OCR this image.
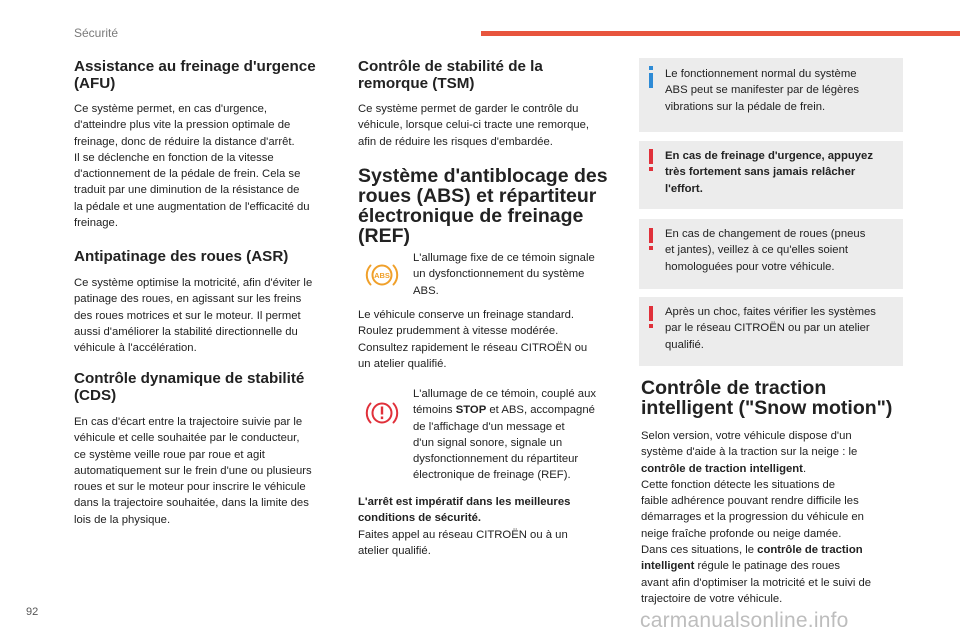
Sécurité
Assistance au freinage d'urgence
(AFU)

Ce système permet, en cas d'urgence,
d'atteindre plus vite la pression optimale de
freinage, donc de réduire la distance d'arrêt.
Il se déclenche en fonction de la vitesse
d'actionnement de la pédale de frein. Cela se
traduit par une diminution de la résistance de
la pédale et une augmentation de l'efficacité du
freinage.

Antipatinage des roues (ASR)

Ce système optimise la motricité, afin d'éviter le
patinage des roues, en agissant sur les freins
des roues motrices et sur le moteur. Il permet
aussi d'améliorer la stabilité directionnelle du
véhicule à l'accélération.

Contrôle dynamique de stabilité
(CDS)

En cas d'écart entre la trajectoire suivie par le
véhicule et celle souhaitée par le conducteur,
ce système veille roue par roue et agit
automatiquement sur le frein d'une ou plusieurs
roues et sur le moteur pour inscrire le véhicule
dans la trajectoire souhaitée, dans la limite des
lois de la physique.

Contrôle de stabilité de la
remorque (TSM)

Ce système permet de garder le contrôle du
véhicule, lorsque celui-ci tracte une remorque,
afin de réduire les risques d'embardée.

Système d'antiblocage des
roues (ABS) et répartiteur
électronique de freinage
(REF)
ABS

L'allumage fixe de ce témoin signale
un dysfonctionnement du système
ABS.

Le véhicule conserve un freinage standard.
Roulez prudemment à vitesse modérée.
Consultez rapidement le réseau CITROËN ou
un atelier qualifié.

L'allumage de ce témoin, couplé aux
témoins STOP et ABS, accompagné
de l'affichage d'un message et
d'un signal sonore, signale un
dysfonctionnement du répartiteur
électronique de freinage (REF).

L'arrêt est impératif dans les meilleures
conditions de sécurité.
Faites appel au réseau CITROËN ou à un
atelier qualifié.

Le fonctionnement normal du système
ABS peut se manifester par de légères
vibrations sur la pédale de frein.

En cas de freinage d'urgence, appuyez
très fortement sans jamais relâcher
l'effort.

En cas de changement de roues (pneus
et jantes), veillez à ce qu'elles soient
homologuées pour votre véhicule.

Après un choc, faites vérifier les systèmes
par le réseau CITROËN ou par un atelier
qualifié.

Contrôle de traction
intelligent ("Snow motion")

Selon version, votre véhicule dispose d'un
système d'aide à la traction sur la neige : le
contrôle de traction intelligent.
Cette fonction détecte les situations de
faible adhérence pouvant rendre difficile les
démarrages et la progression du véhicule en
neige fraîche profonde ou neige damée.
Dans ces situations, le contrôle de traction
intelligent régule le patinage des roues
avant afin d'optimiser la motricité et le suivi de
trajectoire de votre véhicule.

92	carmanualsonline.info
